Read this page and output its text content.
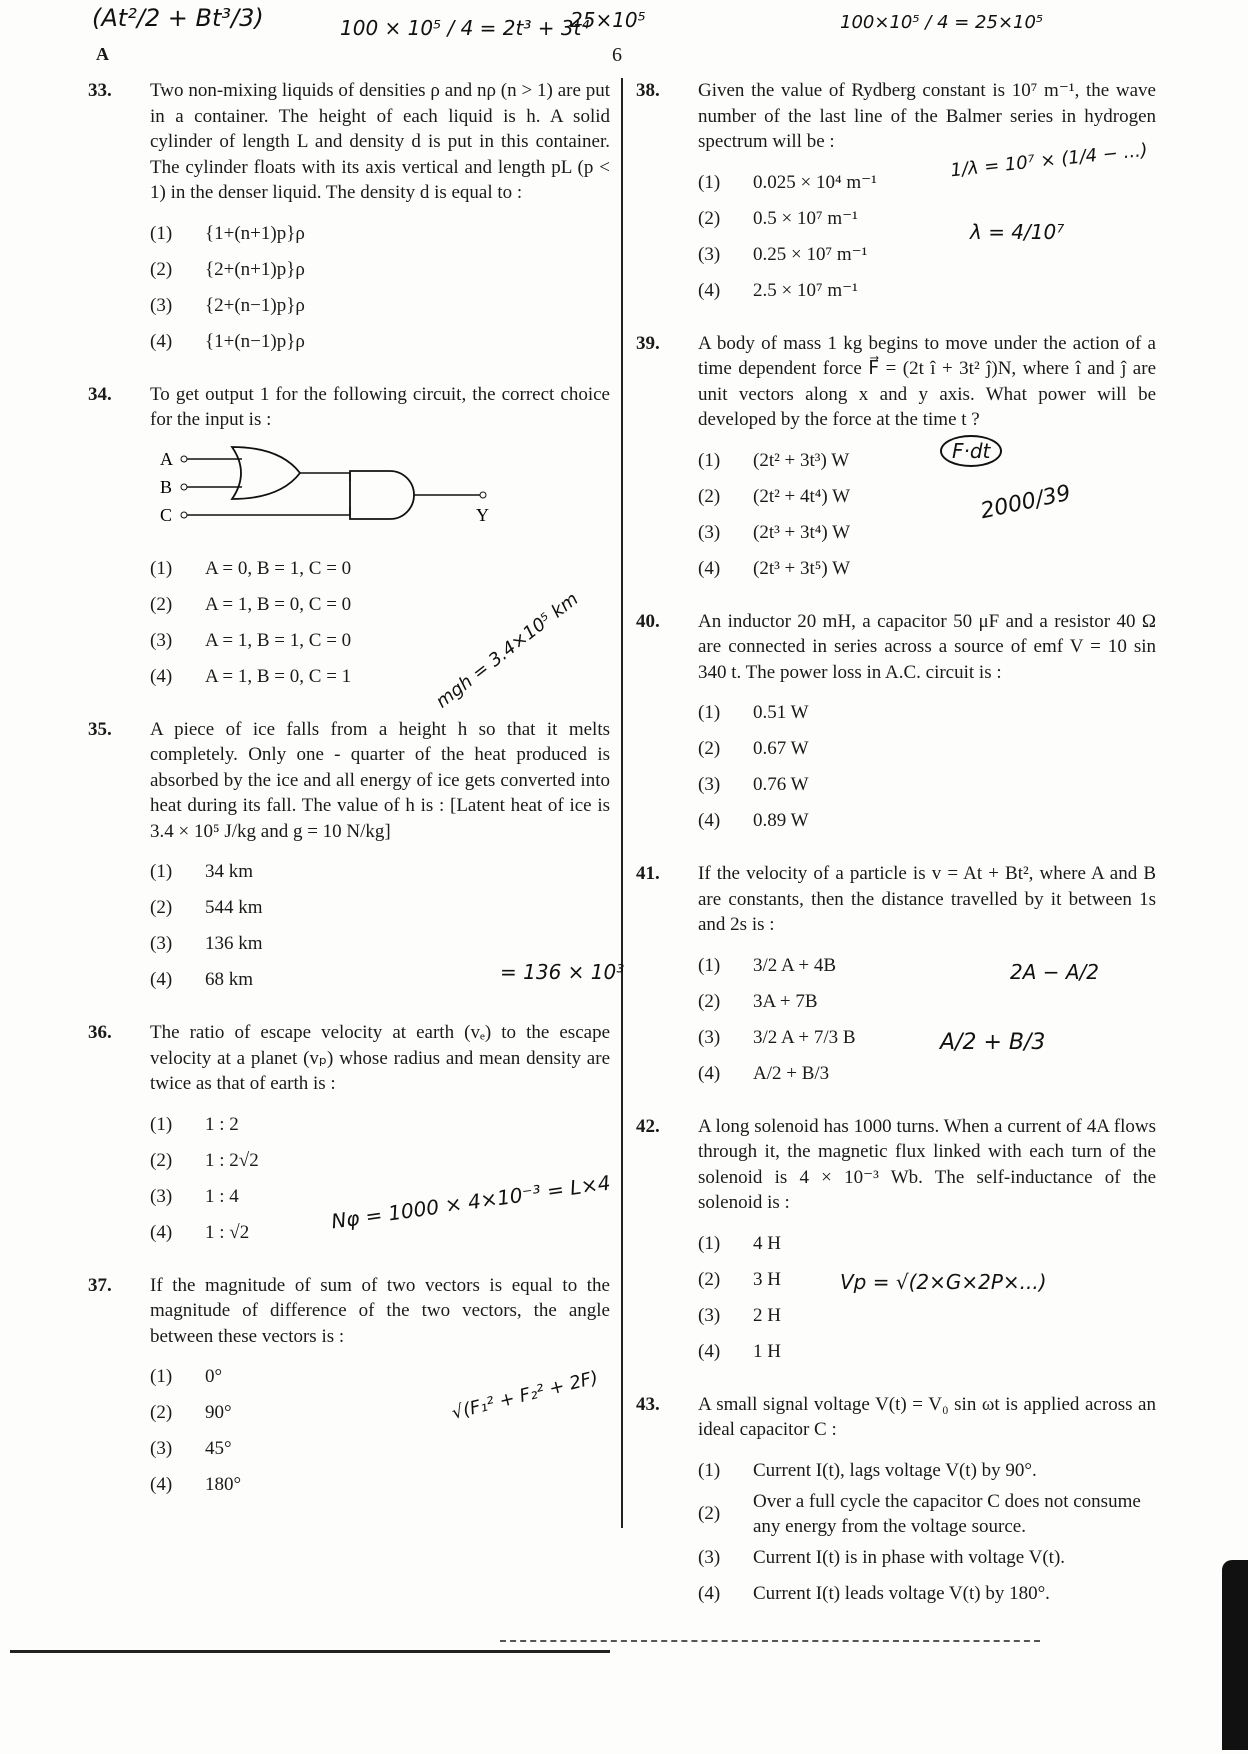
A	6
(At²/2 + Bt³/3)	100 × 10⁵ / 4 = 2t³ + 3t⁴
25×10⁵	100×10⁵ / 4 = 25×10⁵
33. Two non-mixing liquids of densities ρ and nρ (n > 1) are put in a container. The height of each liquid is h. A solid cylinder of length L and density d is put in this container. The cylinder floats with its axis vertical and length pL (p < 1) in the denser liquid. The density d is equal to :
(1)	{1+(n+1)p}ρ
(2)	{2+(n+1)p}ρ
(3)	{2+(n−1)p}ρ
(4)	{1+(n−1)p}ρ
34. To get output 1 for the following circuit, the correct choice for the input is :
A
B
C	Y
(1)	A = 0, B = 1, C = 0
(2)	A = 1, B = 0, C = 0
(3)	A = 1, B = 1, C = 0
(4)	A = 1, B = 0, C = 1
35. A piece of ice falls from a height h so that it melts completely. Only one - quarter of the heat produced is absorbed by the ice and all energy of ice gets converted into heat during its fall. The value of h is : [Latent heat of ice is 3.4 × 10⁵ J/kg and g = 10 N/kg]
(1)	34 km
(2)	544 km
(3)	136 km
(4)	68 km
36. The ratio of escape velocity at earth (vₑ) to the escape velocity at a planet (vₚ) whose radius and mean density are twice as that of earth is :
(1)	1 : 2
(2)	1 : 2√2
(3)	1 : 4
(4)	1 : √2
37. If the magnitude of sum of two vectors is equal to the magnitude of difference of the two vectors, the angle between these vectors is :
(1)	0°
(2)	90°
(3)	45°
(4)	180°
38. Given the value of Rydberg constant is 10⁷ m⁻¹, the wave number of the last line of the Balmer series in hydrogen spectrum will be :
(1)	0.025 × 10⁴ m⁻¹
(2)	0.5 × 10⁷ m⁻¹
(3)	0.25 × 10⁷ m⁻¹
(4)	2.5 × 10⁷ m⁻¹
39. A body of mass 1 kg begins to move under the action of a time dependent force F⃗ = (2t î + 3t² ĵ)N, where î and ĵ are unit vectors along x and y axis. What power will be developed by the force at the time t ?
(1)	(2t² + 3t³) W
(2)	(2t² + 4t⁴) W
(3)	(2t³ + 3t⁴) W
(4)	(2t³ + 3t⁵) W
40. An inductor 20 mH, a capacitor 50 μF and a resistor 40 Ω are connected in series across a source of emf V = 10 sin 340 t. The power loss in A.C. circuit is :
(1)	0.51 W
(2)	0.67 W
(3)	0.76 W
(4)	0.89 W
41. If the velocity of a particle is v = At + Bt², where A and B are constants, then the distance travelled by it between 1s and 2s is :
(1)	3/2 A + 4B
(2)	3A + 7B
(3)	3/2 A + 7/3 B
(4)	A/2 + B/3
42. A long solenoid has 1000 turns. When a current of 4A flows through it, the magnetic flux linked with each turn of the solenoid is 4 × 10⁻³ Wb. The self-inductance of the solenoid is :
(1)	4 H
(2)	3 H
(3)	2 H
(4)	1 H
43. A small signal voltage V(t) = V₀ sin ωt is applied across an ideal capacitor C :
(1)	Current I(t), lags voltage V(t) by 90°.
(2)
Over a full cycle the capacitor C does not consume any energy from the voltage source.
(3)	Current I(t) is in phase with voltage V(t).
(4)	Current I(t) leads voltage V(t) by 180°.
mgh = 3.4×10⁵ km
= 136 × 10³
Nφ = 1000 × 4×10⁻³ = L×4
√(F₁² + F₂² + 2F)
1/λ = 10⁷ × (1/4 − ...)
λ = 4/10⁷
F·dt
2000/39
A/2 + B/3
2A − A/2
Vp = √(2×G×2P×...)
